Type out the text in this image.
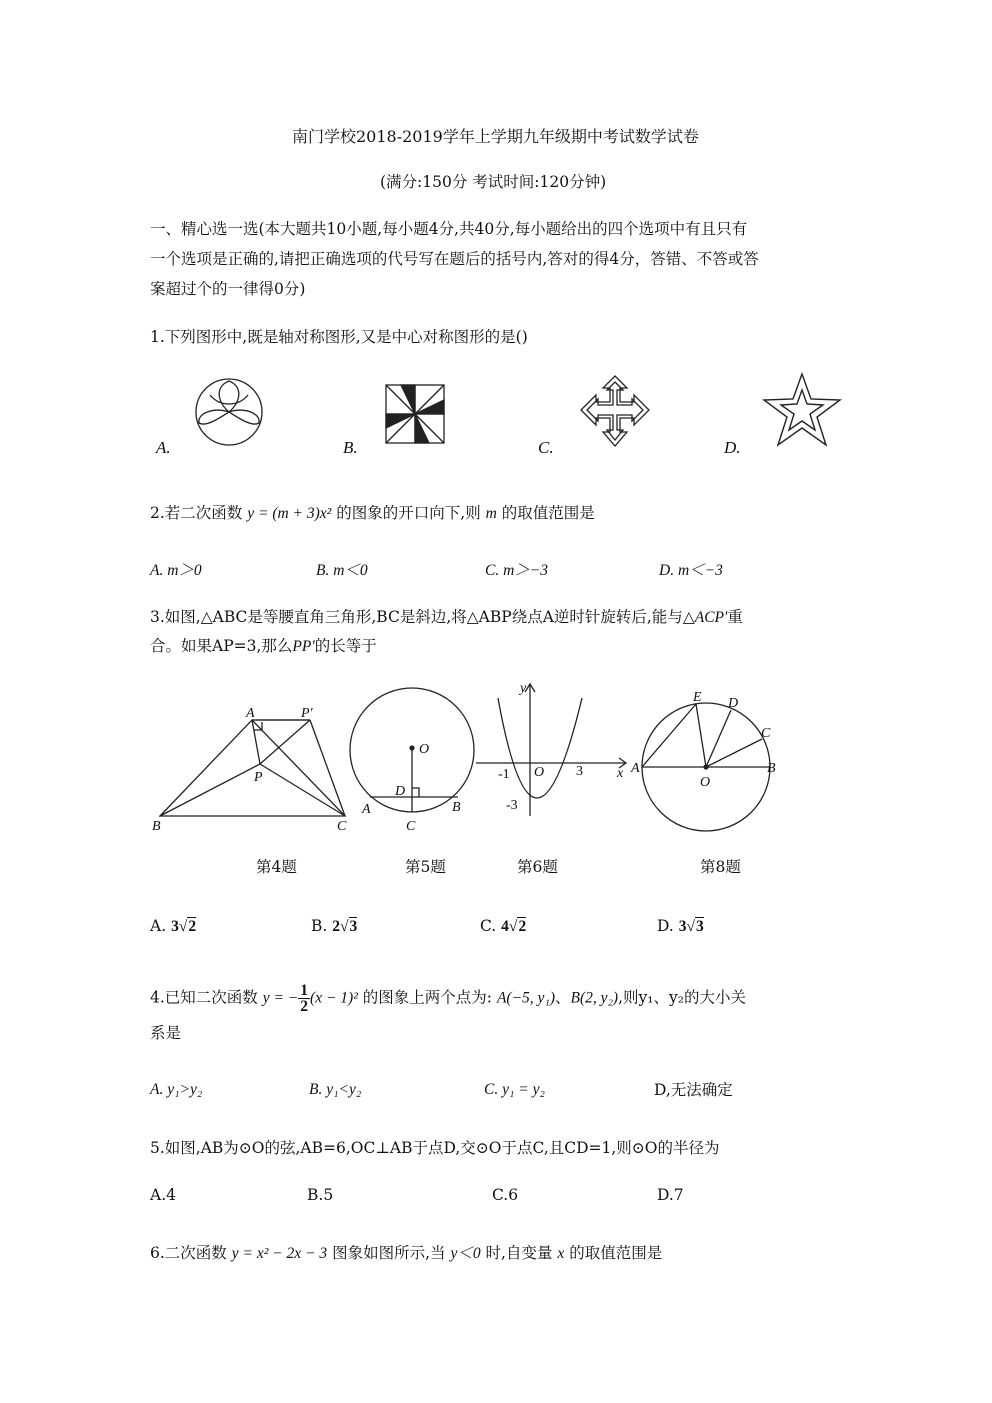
南门学校2018-2019学年上学期九年级期中考试数学试卷
(满分:150分 考试时间:120分钟)
一、精心选一选(本大题共10小题,每小题4分,共40分,每小题给出的四个选项中有且只有
一个选项是正确的,请把正确选项的代号写在题后的括号内,答对的得4分，答错、不答或答
案超过个的一律得0分)
1.下列图形中,既是轴对称图形,又是中心对称图形的是()
A.	B.	C.	D.
2.若二次函数 y = (m + 3)x² 的图象的开口向下,则 m 的取值范围是
A. m＞0	B. m＜0	C. m＞−3	D. m＜−3
3.如图,△ABC是等腰直角三角形,BC是斜边,将△ABP绕点A逆时针旋转后,能与△ACP′重
合。如果AP=3,那么PP′的长等于
A	P′
P
B	C
O
D
A	B
C
y
-1 O 3 x
-3
E D
C
A
O
B
第4题	第5题	第6题	第8题
A. 3√2	B. 2√3	C. 4√2	D. 3√3
4.已知二次函数 y = − $\frac{1}{2} (x - 1)^2$ 的图象上两个点为: A(−5, y₁)、B(2, y₂),则y₁、y₂的大小关
系是
A. y₁>y₂	B. y₁<y₂	C. y₁ = y₂	D,无法确定
5.如图,AB为⊙O的弦,AB=6,OC⊥AB于点D,交⊙O于点C,且CD=1,则⊙O的半径为
A.4	B.5	C.6	D.7
6.二次函数 y = x² − 2x − 3 图象如图所示,当 y＜0 时,自变量 x 的取值范围是
